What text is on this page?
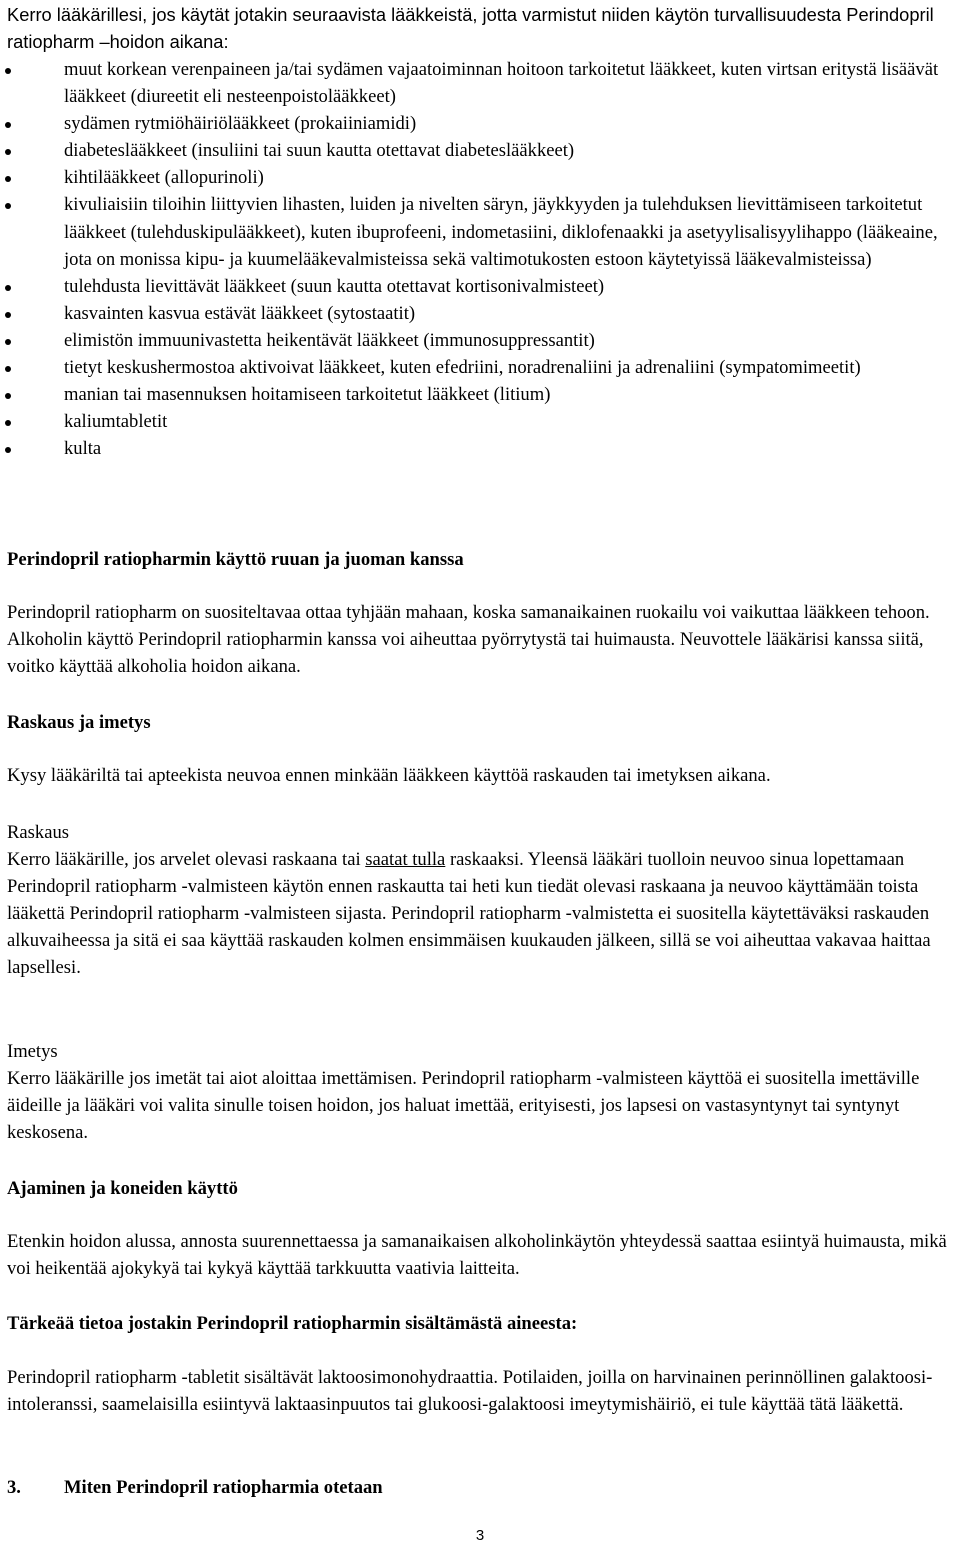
Kerro lääkärillesi, jos käytät jotakin seuraavista lääkkeistä, jotta varmistut niiden käytön turvallisuudesta Perindopril ratiopharm –hoidon aikana:
muut korkean verenpaineen ja/tai sydämen vajaatoiminnan hoitoon tarkoitetut lääkkeet, kuten virtsan eritystä lisäävät lääkkeet (diureetit eli nesteenpoistolääkkeet)
sydämen rytmiöhäiriölääkkeet (prokaiiniamidi)
diabeteslääkkeet (insuliini tai suun kautta otettavat diabeteslääkkeet)
kihtilääkkeet (allopurinoli)
kivuliaisiin tiloihin liittyvien lihasten, luiden ja nivelten säryn, jäykkyyden ja tulehduksen lievittämiseen tarkoitetut lääkkeet (tulehduskipulääkkeet), kuten ibuprofeeni, indometasiini, diklofenaakki ja asetyylisalisyylihappo (lääkeaine, jota on monissa kipu- ja kuumelääkevalmisteissa sekä valtimotukosten estoon käytetyissä lääkevalmisteissa)
tulehdusta lievittävät lääkkeet (suun kautta otettavat kortisonivalmisteet)
kasvainten kasvua estävät lääkkeet (sytostaatit)
elimistön immuunivastetta heikentävät lääkkeet (immunosuppressantit)
tietyt keskushermostoa aktivoivat lääkkeet, kuten efedriini, noradrenaliini ja adrenaliini (sympatomimeetit)
manian tai masennuksen hoitamiseen tarkoitetut lääkkeet (litium)
kaliumtabletit
kulta
Perindopril ratiopharmin käyttö ruuan ja juoman kanssa
Perindopril ratiopharm on suositeltavaa ottaa tyhjään mahaan, koska samanaikainen ruokailu voi vaikuttaa lääkkeen tehoon. Alkoholin käyttö Perindopril ratiopharmin kanssa voi aiheuttaa pyörrytystä tai huimausta. Neuvottele lääkärisi kanssa siitä, voitko käyttää alkoholia hoidon aikana.
Raskaus ja imetys
Kysy lääkäriltä tai apteekista neuvoa ennen minkään lääkkeen käyttöä raskauden tai imetyksen aikana.
Raskaus
Kerro lääkärille, jos arvelet olevasi raskaana tai saatat tulla raskaaksi. Yleensä lääkäri tuolloin neuvoo sinua lopettamaan Perindopril ratiopharm -valmisteen käytön ennen raskautta tai heti kun tiedät olevasi raskaana ja neuvoo käyttämään toista lääkettä Perindopril ratiopharm -valmisteen sijasta. Perindopril ratiopharm -valmistetta ei suositella käytettäväksi raskauden alkuvaiheessa ja sitä ei saa käyttää raskauden kolmen ensimmäisen kuukauden jälkeen, sillä se voi aiheuttaa vakavaa haittaa lapsellesi.
Imetys
Kerro lääkärille jos imetät tai aiot aloittaa imettämisen. Perindopril ratiopharm -valmisteen käyttöä ei suositella imettäville äideille ja lääkäri voi valita sinulle toisen hoidon, jos haluat imettää, erityisesti, jos lapsesi on vastasyntynyt tai syntynyt keskosena.
Ajaminen ja koneiden käyttö
Etenkin hoidon alussa, annosta suurennettaessa ja samanaikaisen alkoholinkäytön yhteydessä saattaa esiintyä huimausta, mikä voi heikentää ajokykyä tai kykyä käyttää tarkkuutta vaativia laitteita.
Tärkeää tietoa jostakin Perindopril ratiopharmin sisältämästä aineesta:
Perindopril ratiopharm -tabletit sisältävät laktoosimonohydraattia. Potilaiden, joilla on harvinainen perinnöllinen galaktoosi-intoleranssi, saamelaisilla esiintyvä laktaasinpuutos tai glukoosi-galaktoosi imeytymishäiriö, ei tule käyttää tätä lääkettä.
3. Miten Perindopril ratiopharmia otetaan
3
